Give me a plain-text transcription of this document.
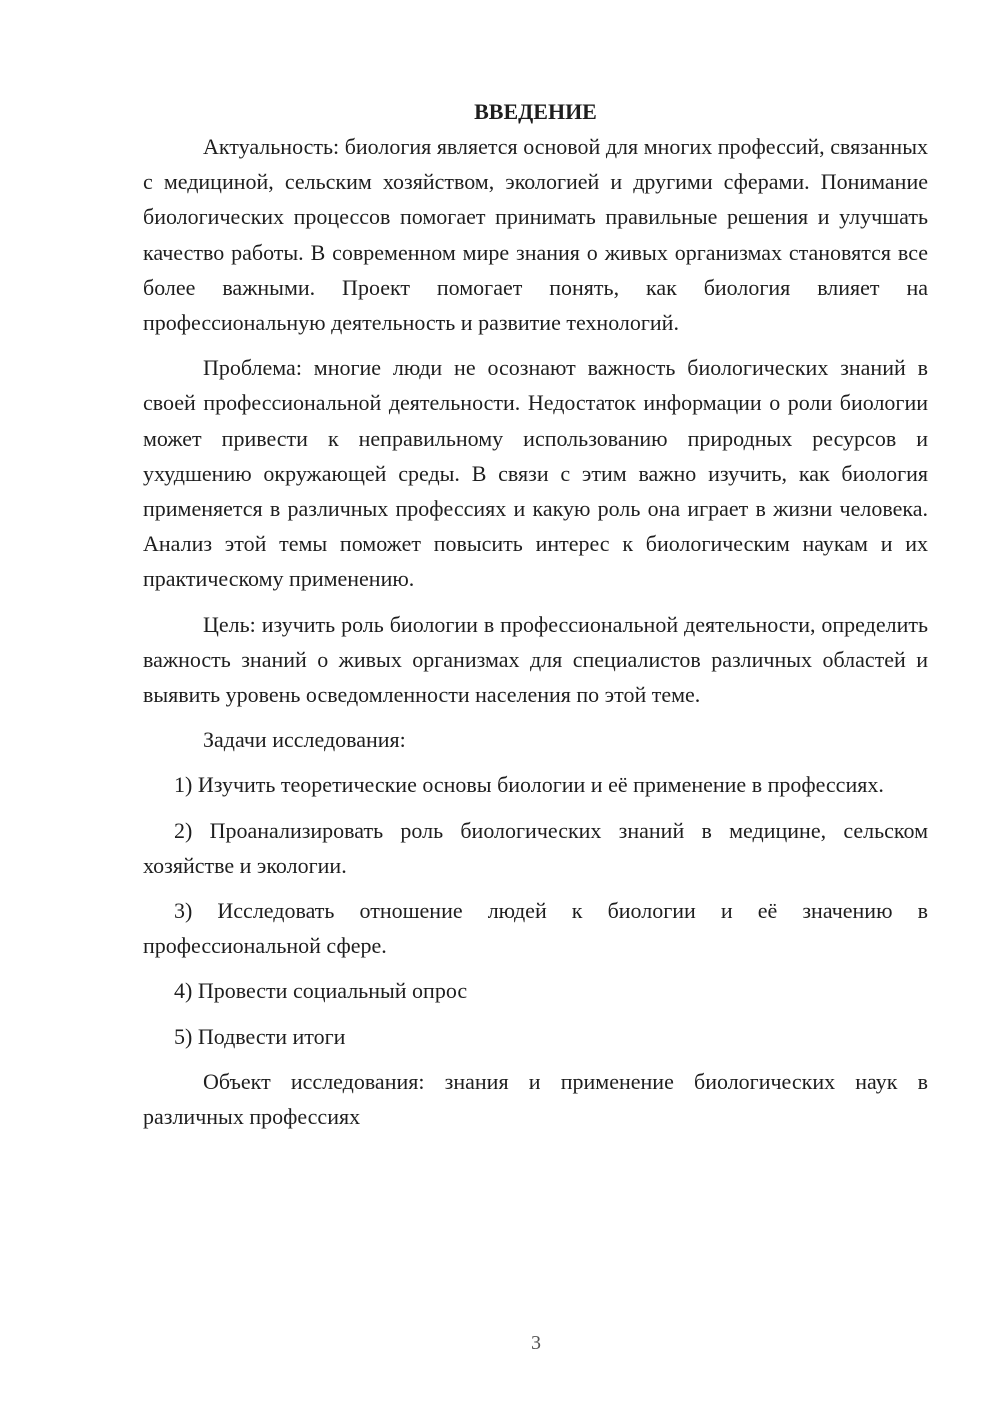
ВВЕДЕНИЕ

Актуальность: биология является основой для многих профессий, связанных с медициной, сельским хозяйством, экологией и другими сферами. Понимание биологических процессов помогает принимать правильные решения и улучшать качество работы. В современном мире знания о живых организмах становятся все более важными. Проект помогает понять, как биология влияет на профессиональную деятельность и развитие технологий.

Проблема: многие люди не осознают важность биологических знаний в своей профессиональной деятельности. Недостаток информации о роли биологии может привести к неправильному использованию природных ресурсов и ухудшению окружающей среды. В связи с этим важно изучить, как биология применяется в различных профессиях и какую роль она играет в жизни человека. Анализ этой темы поможет повысить интерес к биологическим наукам и их практическому применению.

Цель: изучить роль биологии в профессиональной деятельности, определить важность знаний о живых организмах для специалистов различных областей и выявить уровень осведомленности населения по этой теме.

Задачи исследования:

1) Изучить теоретические основы биологии и её применение в профессиях.

2) Проанализировать роль биологических знаний в медицине, сельском хозяйстве и экологии.

3) Исследовать отношение людей к биологии и её значению в профессиональной сфере.

4) Провести социальный опрос

5) Подвести итоги

Объект исследования: знания и применение биологических наук в различных профессиях

3
